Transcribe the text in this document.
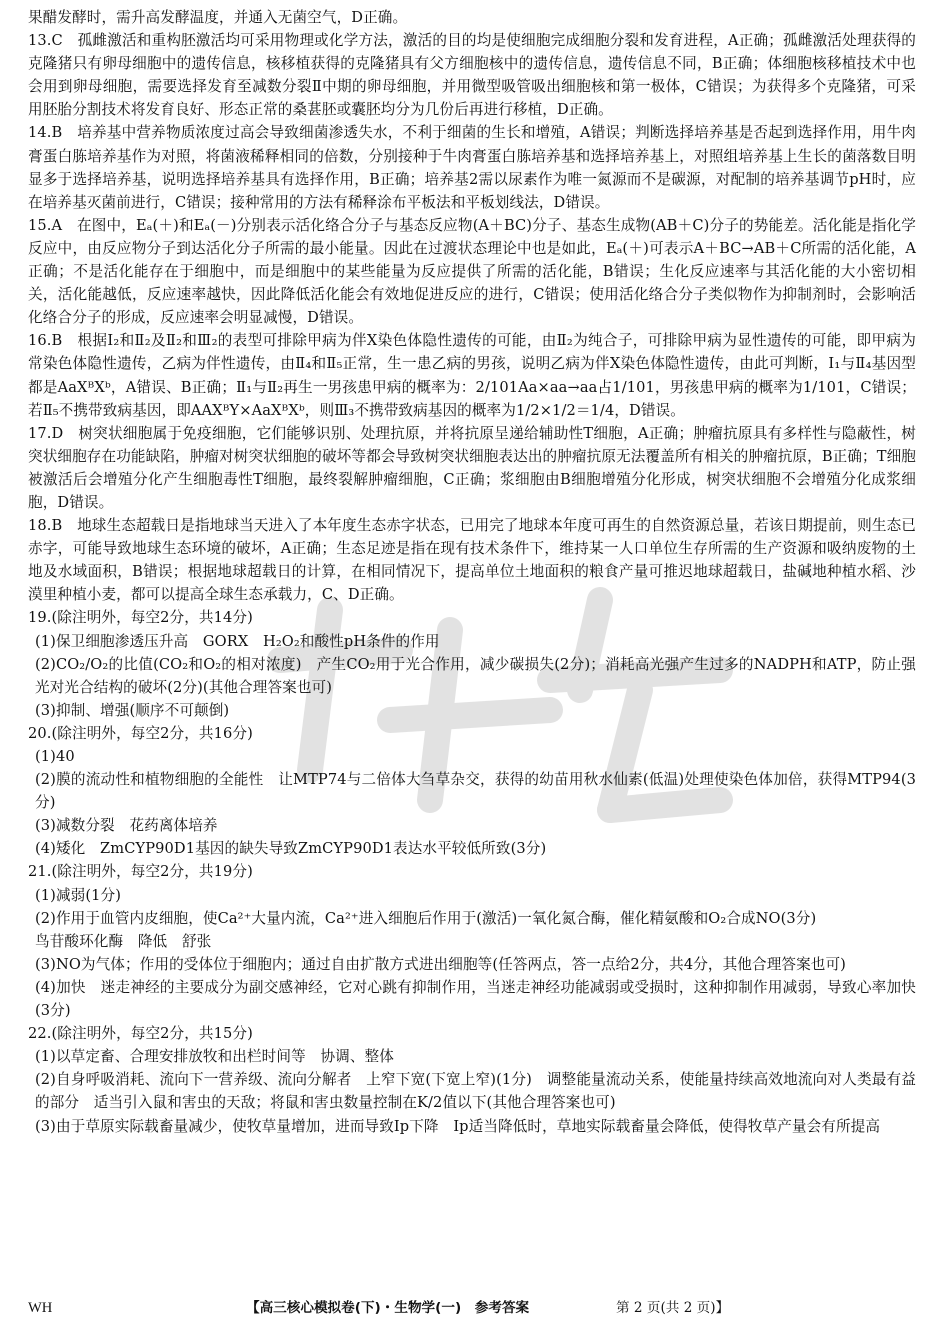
果醋发酵时，需升高发酵温度，并通入无菌空气，D正确。

13.C　孤雌激活和重构胚激活均可采用物理或化学方法，激活的目的均是使细胞完成细胞分裂和发育进程，A正确；孤雌激活处理获得的克隆猪只有卵母细胞中的遗传信息，核移植获得的克隆猪具有父方细胞核中的遗传信息，遗传信息不同，B正确；体细胞核移植技术中也会用到卵母细胞，需要选择发育至减数分裂Ⅱ中期的卵母细胞，并用微型吸管吸出细胞核和第一极体，C错误；为获得多个克隆猪，可采用胚胎分割技术将发育良好、形态正常的桑葚胚或囊胚均分为几份后再进行移植，D正确。

14.B　培养基中营养物质浓度过高会导致细菌渗透失水，不利于细菌的生长和增殖，A错误；判断选择培养基是否起到选择作用，用牛肉膏蛋白胨培养基作为对照，将菌液稀释相同的倍数，分别接种于牛肉膏蛋白胨培养基和选择培养基上，对照组培养基上生长的菌落数目明显多于选择培养基，说明选择培养基具有选择作用，B正确；培养基2需以尿素作为唯一氮源而不是碳源，对配制的培养基调节pH时，应在培养基灭菌前进行，C错误；接种常用的方法有稀释涂布平板法和平板划线法，D错误。

15.A　在图中，Eₐ(＋)和Eₐ(－)分别表示活化络合分子与基态反应物(A＋BC)分子、基态生成物(AB＋C)分子的势能差。活化能是指化学反应中，由反应物分子到达活化分子所需的最小能量。因此在过渡状态理论中也是如此，Eₐ(＋)可表示A＋BC→AB＋C所需的活化能，A正确；不是活化能存在于细胞中，而是细胞中的某些能量为反应提供了所需的活化能，B错误；生化反应速率与其活化能的大小密切相关，活化能越低，反应速率越快，因此降低活化能会有效地促进反应的进行，C错误；使用活化络合分子类似物作为抑制剂时，会影响活化络合分子的形成，反应速率会明显减慢，D错误。

16.B　根据Ⅰ₂和Ⅱ₂及Ⅱ₂和Ⅲ₂的表型可排除甲病为伴X染色体隐性遗传的可能，由Ⅱ₂为纯合子，可排除甲病为显性遗传的可能，即甲病为常染色体隐性遗传，乙病为伴性遗传，由Ⅱ₄和Ⅱ₅正常，生一患乙病的男孩，说明乙病为伴X染色体隐性遗传，由此可判断，Ⅰ₁与Ⅱ₄基因型都是AaXᴮXᵇ，A错误、B正确；Ⅱ₁与Ⅱ₂再生一男孩患甲病的概率为：2/101Aa×aa→aa占1/101，男孩患甲病的概率为1/101，C错误；若Ⅱ₅不携带致病基因，即AAXᴮY×AaXᴮXᵇ，则Ⅲ₃不携带致病基因的概率为1/2×1/2＝1/4，D错误。

17.D　树突状细胞属于免疫细胞，它们能够识别、处理抗原，并将抗原呈递给辅助性T细胞，A正确；肿瘤抗原具有多样性与隐蔽性，树突状细胞存在功能缺陷，肿瘤对树突状细胞的破坏等都会导致树突状细胞表达出的肿瘤抗原无法覆盖所有相关的肿瘤抗原，B正确；T细胞被激活后会增殖分化产生细胞毒性T细胞，最终裂解肿瘤细胞，C正确；浆细胞由B细胞增殖分化形成，树突状细胞不会增殖分化成浆细胞，D错误。

18.B　地球生态超载日是指地球当天进入了本年度生态赤字状态，已用完了地球本年度可再生的自然资源总量，若该日期提前，则生态已赤字，可能导致地球生态环境的破坏，A正确；生态足迹是指在现有技术条件下，维持某一人口单位生存所需的生产资源和吸纳废物的土地及水域面积，B错误；根据地球超载日的计算，在相同情况下，提高单位土地面积的粮食产量可推迟地球超载日，盐碱地种植水稻、沙漠里种植小麦，都可以提高全球生态承载力，C、D正确。

19.(除注明外，每空2分，共14分)

(1)保卫细胞渗透压升高　GORX　H₂O₂和酸性pH条件的作用

(2)CO₂/O₂的比值(CO₂和O₂的相对浓度)　产生CO₂用于光合作用，减少碳损失(2分)；消耗高光强产生过多的NADPH和ATP，防止强光对光合结构的破坏(2分)(其他合理答案也可)

(3)抑制、增强(顺序不可颠倒)

20.(除注明外，每空2分，共16分)

(1)40

(2)膜的流动性和植物细胞的全能性　让MTP74与二倍体大刍草杂交，获得的幼苗用秋水仙素(低温)处理使染色体加倍，获得MTP94(3分)

(3)减数分裂　花药离体培养

(4)矮化　ZmCYP90D1基因的缺失导致ZmCYP90D1表达水平较低所致(3分)

21.(除注明外，每空2分，共19分)

(1)减弱(1分)

(2)作用于血管内皮细胞，使Ca²⁺大量内流，Ca²⁺进入细胞后作用于(激活)一氧化氮合酶，催化精氨酸和O₂合成NO(3分)

鸟苷酸环化酶　降低　舒张

(3)NO为气体；作用的受体位于细胞内；通过自由扩散方式进出细胞等(任答两点，答一点给2分，共4分，其他合理答案也可)

(4)加快　迷走神经的主要成分为副交感神经，它对心跳有抑制作用，当迷走神经功能减弱或受损时，这种抑制作用减弱，导致心率加快(3分)

22.(除注明外，每空2分，共15分)

(1)以草定畜、合理安排放牧和出栏时间等　协调、整体

(2)自身呼吸消耗、流向下一营养级、流向分解者　上窄下宽(下宽上窄)(1分)　调整能量流动关系，使能量持续高效地流向对人类最有益的部分　适当引入鼠和害虫的天敌；将鼠和害虫数量控制在K/2值以下(其他合理答案也可)

(3)由于草原实际载畜量减少，使牧草量增加，进而导致Ip下降　Ip适当降低时，草地实际载畜量会降低，使得牧草产量会有所提高

WH	【高三核心模拟卷(下)・生物学(一)　参考答案	第 2 页(共 2 页)】
